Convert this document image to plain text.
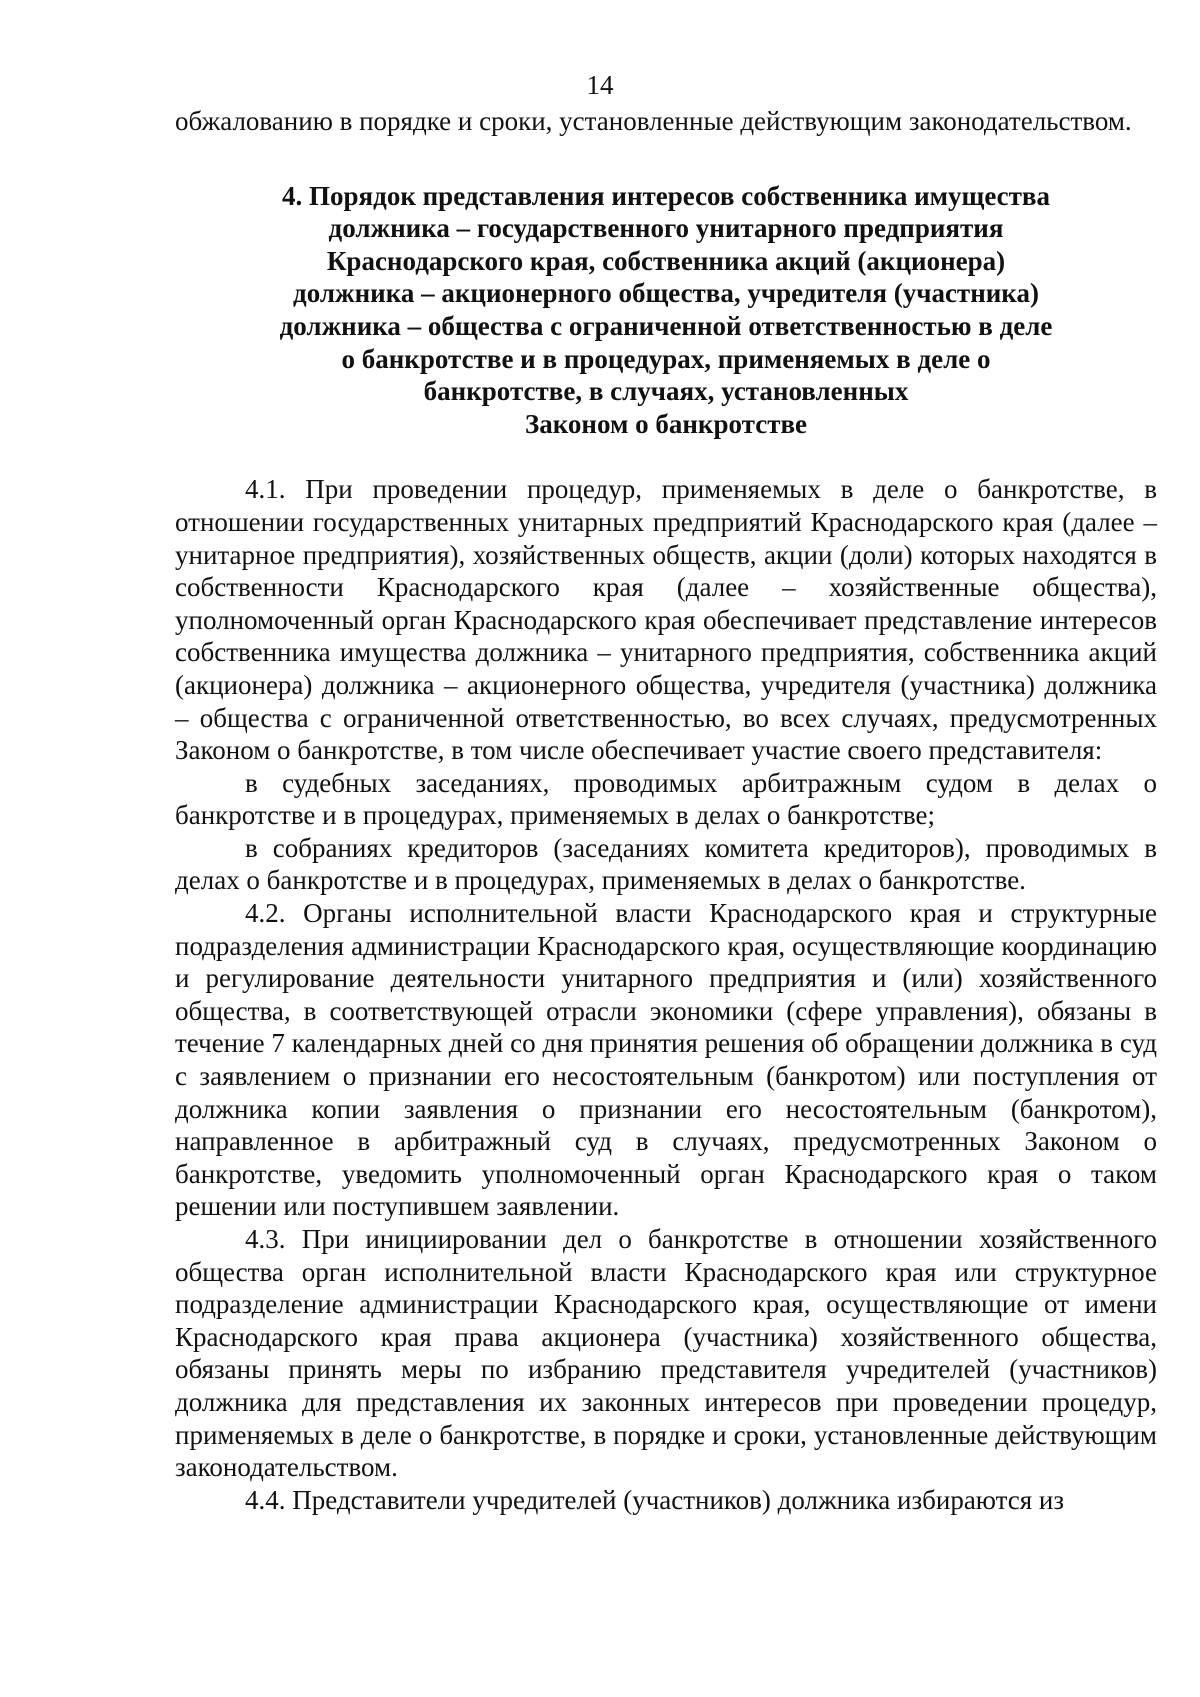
14

обжалованию в порядке и сроки, установленные действующим законодательством.

4. Порядок представления интересов собственника имущества
должника – государственного унитарного предприятия
Краснодарского края, собственника акций (акционера)
должника – акционерного общества, учредителя (участника)
должника – общества с ограниченной ответственностью в деле
о банкротстве и в процедурах, применяемых в деле о
банкротстве, в случаях, установленных
Законом о банкротстве

4.1. При проведении процедур, применяемых в деле о банкротстве, в отношении государственных унитарных предприятий Краснодарского края (далее – унитарное предприятия), хозяйственных обществ, акции (доли) которых находятся в собственности Краснодарского края (далее – хозяйственные общества), уполномоченный орган Краснодарского края обеспечивает представление интересов собственника имущества должника – унитарного предприятия, собственника акций (акционера) должника – акционерного общества, учредителя (участника) должника – общества с ограниченной ответственностью, во всех случаях, предусмотренных Законом о банкротстве, в том числе обеспечивает участие своего представителя:

в судебных заседаниях, проводимых арбитражным судом в делах о банкротстве и в процедурах, применяемых в делах о банкротстве;

в собраниях кредиторов (заседаниях комитета кредиторов), проводимых в делах о банкротстве и в процедурах, применяемых в делах о банкротстве.

4.2. Органы исполнительной власти Краснодарского края и структурные подразделения администрации Краснодарского края, осуществляющие координацию и регулирование деятельности унитарного предприятия и (или) хозяйственного общества, в соответствующей отрасли экономики (сфере управления), обязаны в течение 7 календарных дней со дня принятия решения об обращении должника в суд с заявлением о признании его несостоятельным (банкротом) или поступления от должника копии заявления о признании его несостоятельным (банкротом), направленное в арбитражный суд в случаях, предусмотренных Законом о банкротстве, уведомить уполномоченный орган Краснодарского края о таком решении или поступившем заявлении.

4.3. При инициировании дел о банкротстве в отношении хозяйственного общества орган исполнительной власти Краснодарского края или структурное подразделение администрации Краснодарского края, осуществляющие от имени Краснодарского края права акционера (участника) хозяйственного общества, обязаны принять меры по избранию представителя учредителей (участников) должника для представления их законных интересов при проведении процедур, применяемых в деле о банкротстве, в порядке и сроки, установленные действующим законодательством.

4.4. Представители учредителей (участников) должника избираются из
